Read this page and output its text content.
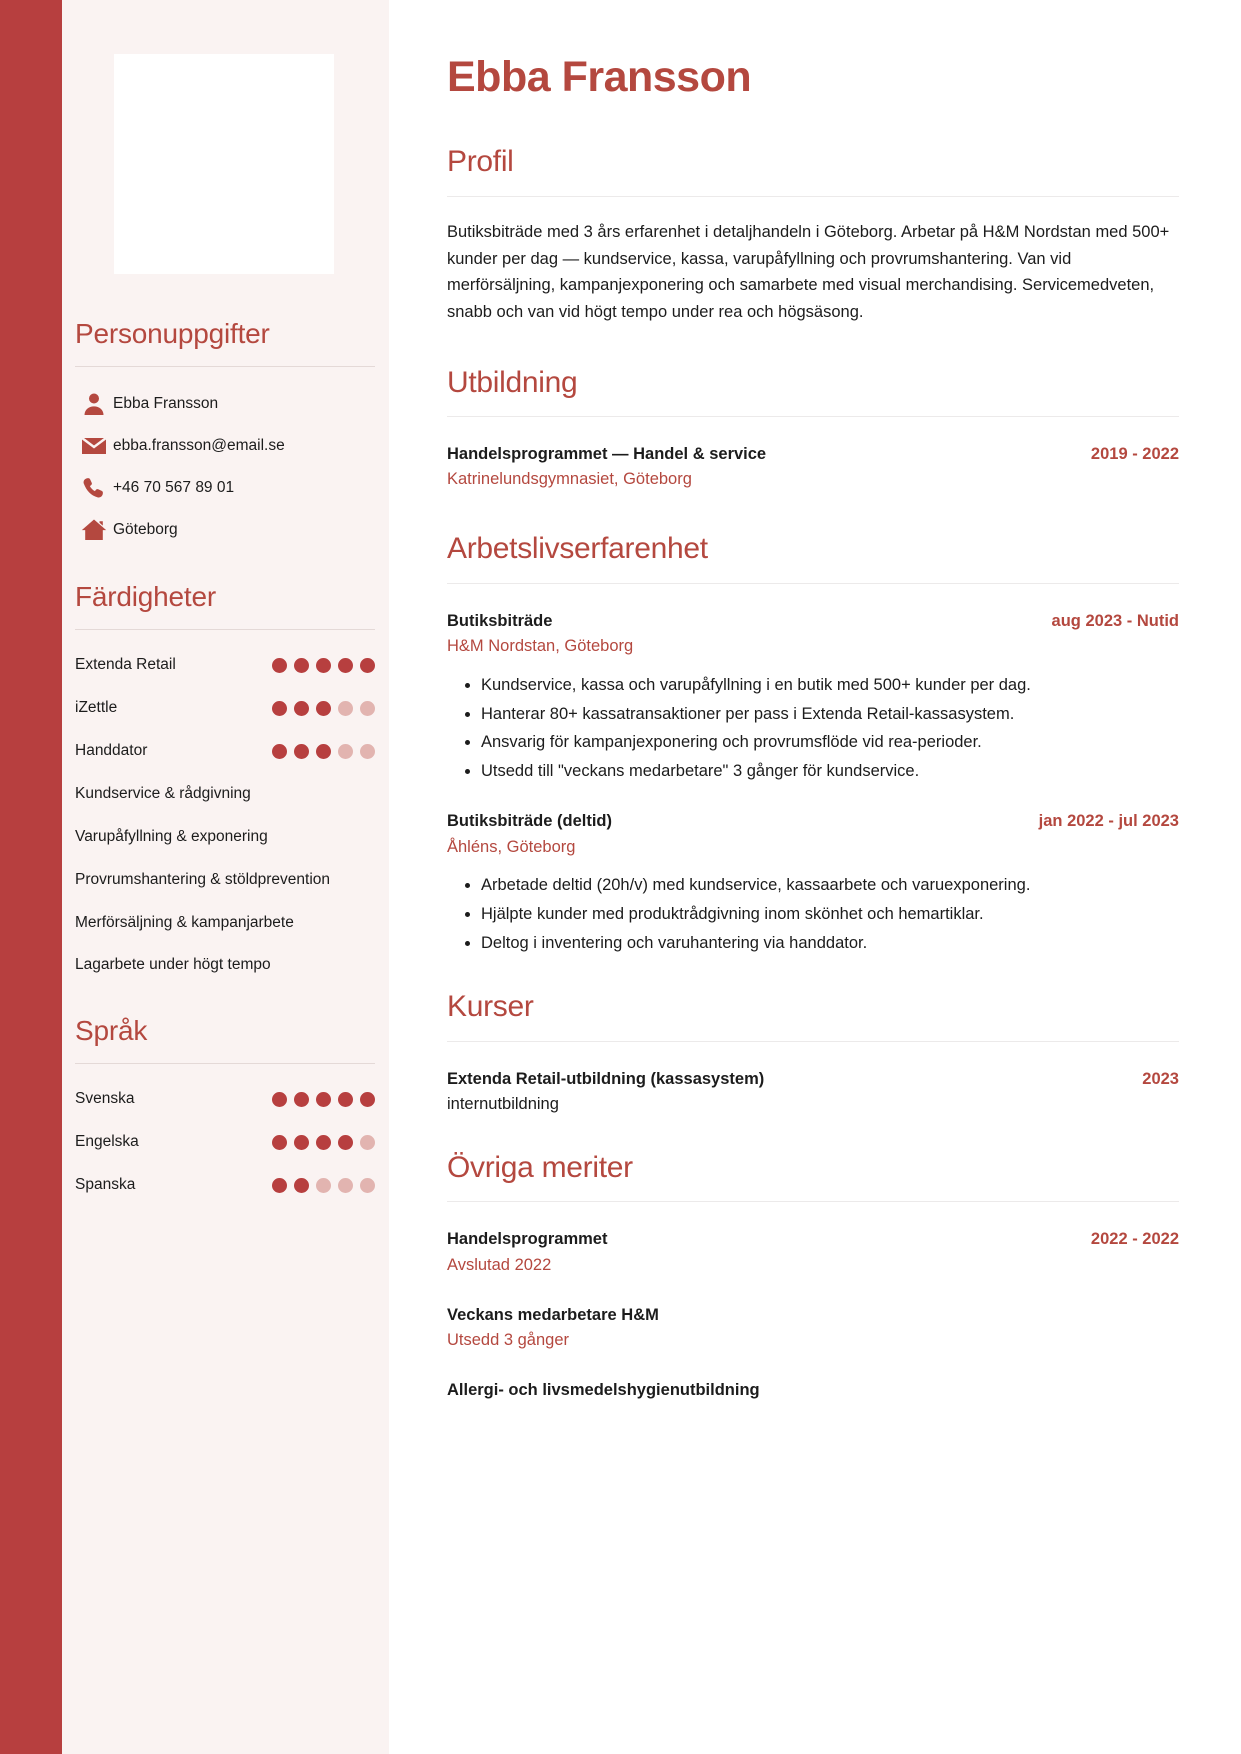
Personuppgifter
Ebba Fransson
ebba.fransson@email.se
+46 70 567 89 01
Göteborg
Färdigheter
Extenda Retail
iZettle
Handdator
Kundservice & rådgivning
Varupåfyllning & exponering
Provrumshantering & stöldprevention
Merförsäljning & kampanjarbete
Lagarbete under högt tempo
Språk
Svenska
Engelska
Spanska
Ebba Fransson
Profil

Butiksbiträde med 3 års erfarenhet i detaljhandeln i Göteborg. Arbetar på H&M Nordstan med 500+ kunder per dag — kundservice, kassa, varupåfyllning och provrumshantering. Van vid merförsäljning, kampanjexponering och samarbete med visual merchandising. Servicemedveten, snabb och van vid högt tempo under rea och högsäsong.

Utbildning
Handelsprogrammet — Handel & service	2019 - 2022
Katrinelundsgymnasiet, Göteborg
Arbetslivserfarenhet
Butiksbiträde	aug 2023 - Nutid
H&M Nordstan, Göteborg
• Kundservice, kassa och varupåfyllning i en butik med 500+ kunder per dag.
• Hanterar 80+ kassatransaktioner per pass i Extenda Retail-kassasystem.
• Ansvarig för kampanjexponering och provrumsflöde vid rea-perioder.
• Utsedd till "veckans medarbetare" 3 gånger för kundservice.
Butiksbiträde (deltid)	jan 2022 - jul 2023
Åhléns, Göteborg
• Arbetade deltid (20h/v) med kundservice, kassaarbete och varuexponering.
• Hjälpte kunder med produktrådgivning inom skönhet och hemartiklar.
• Deltog i inventering och varuhantering via handdator.
Kurser
Extenda Retail-utbildning (kassasystem)	2023
internutbildning
Övriga meriter
Handelsprogrammet	2022 - 2022
Avslutad 2022
Veckans medarbetare H&M
Utsedd 3 gånger
Allergi- och livsmedelshygienutbildning
